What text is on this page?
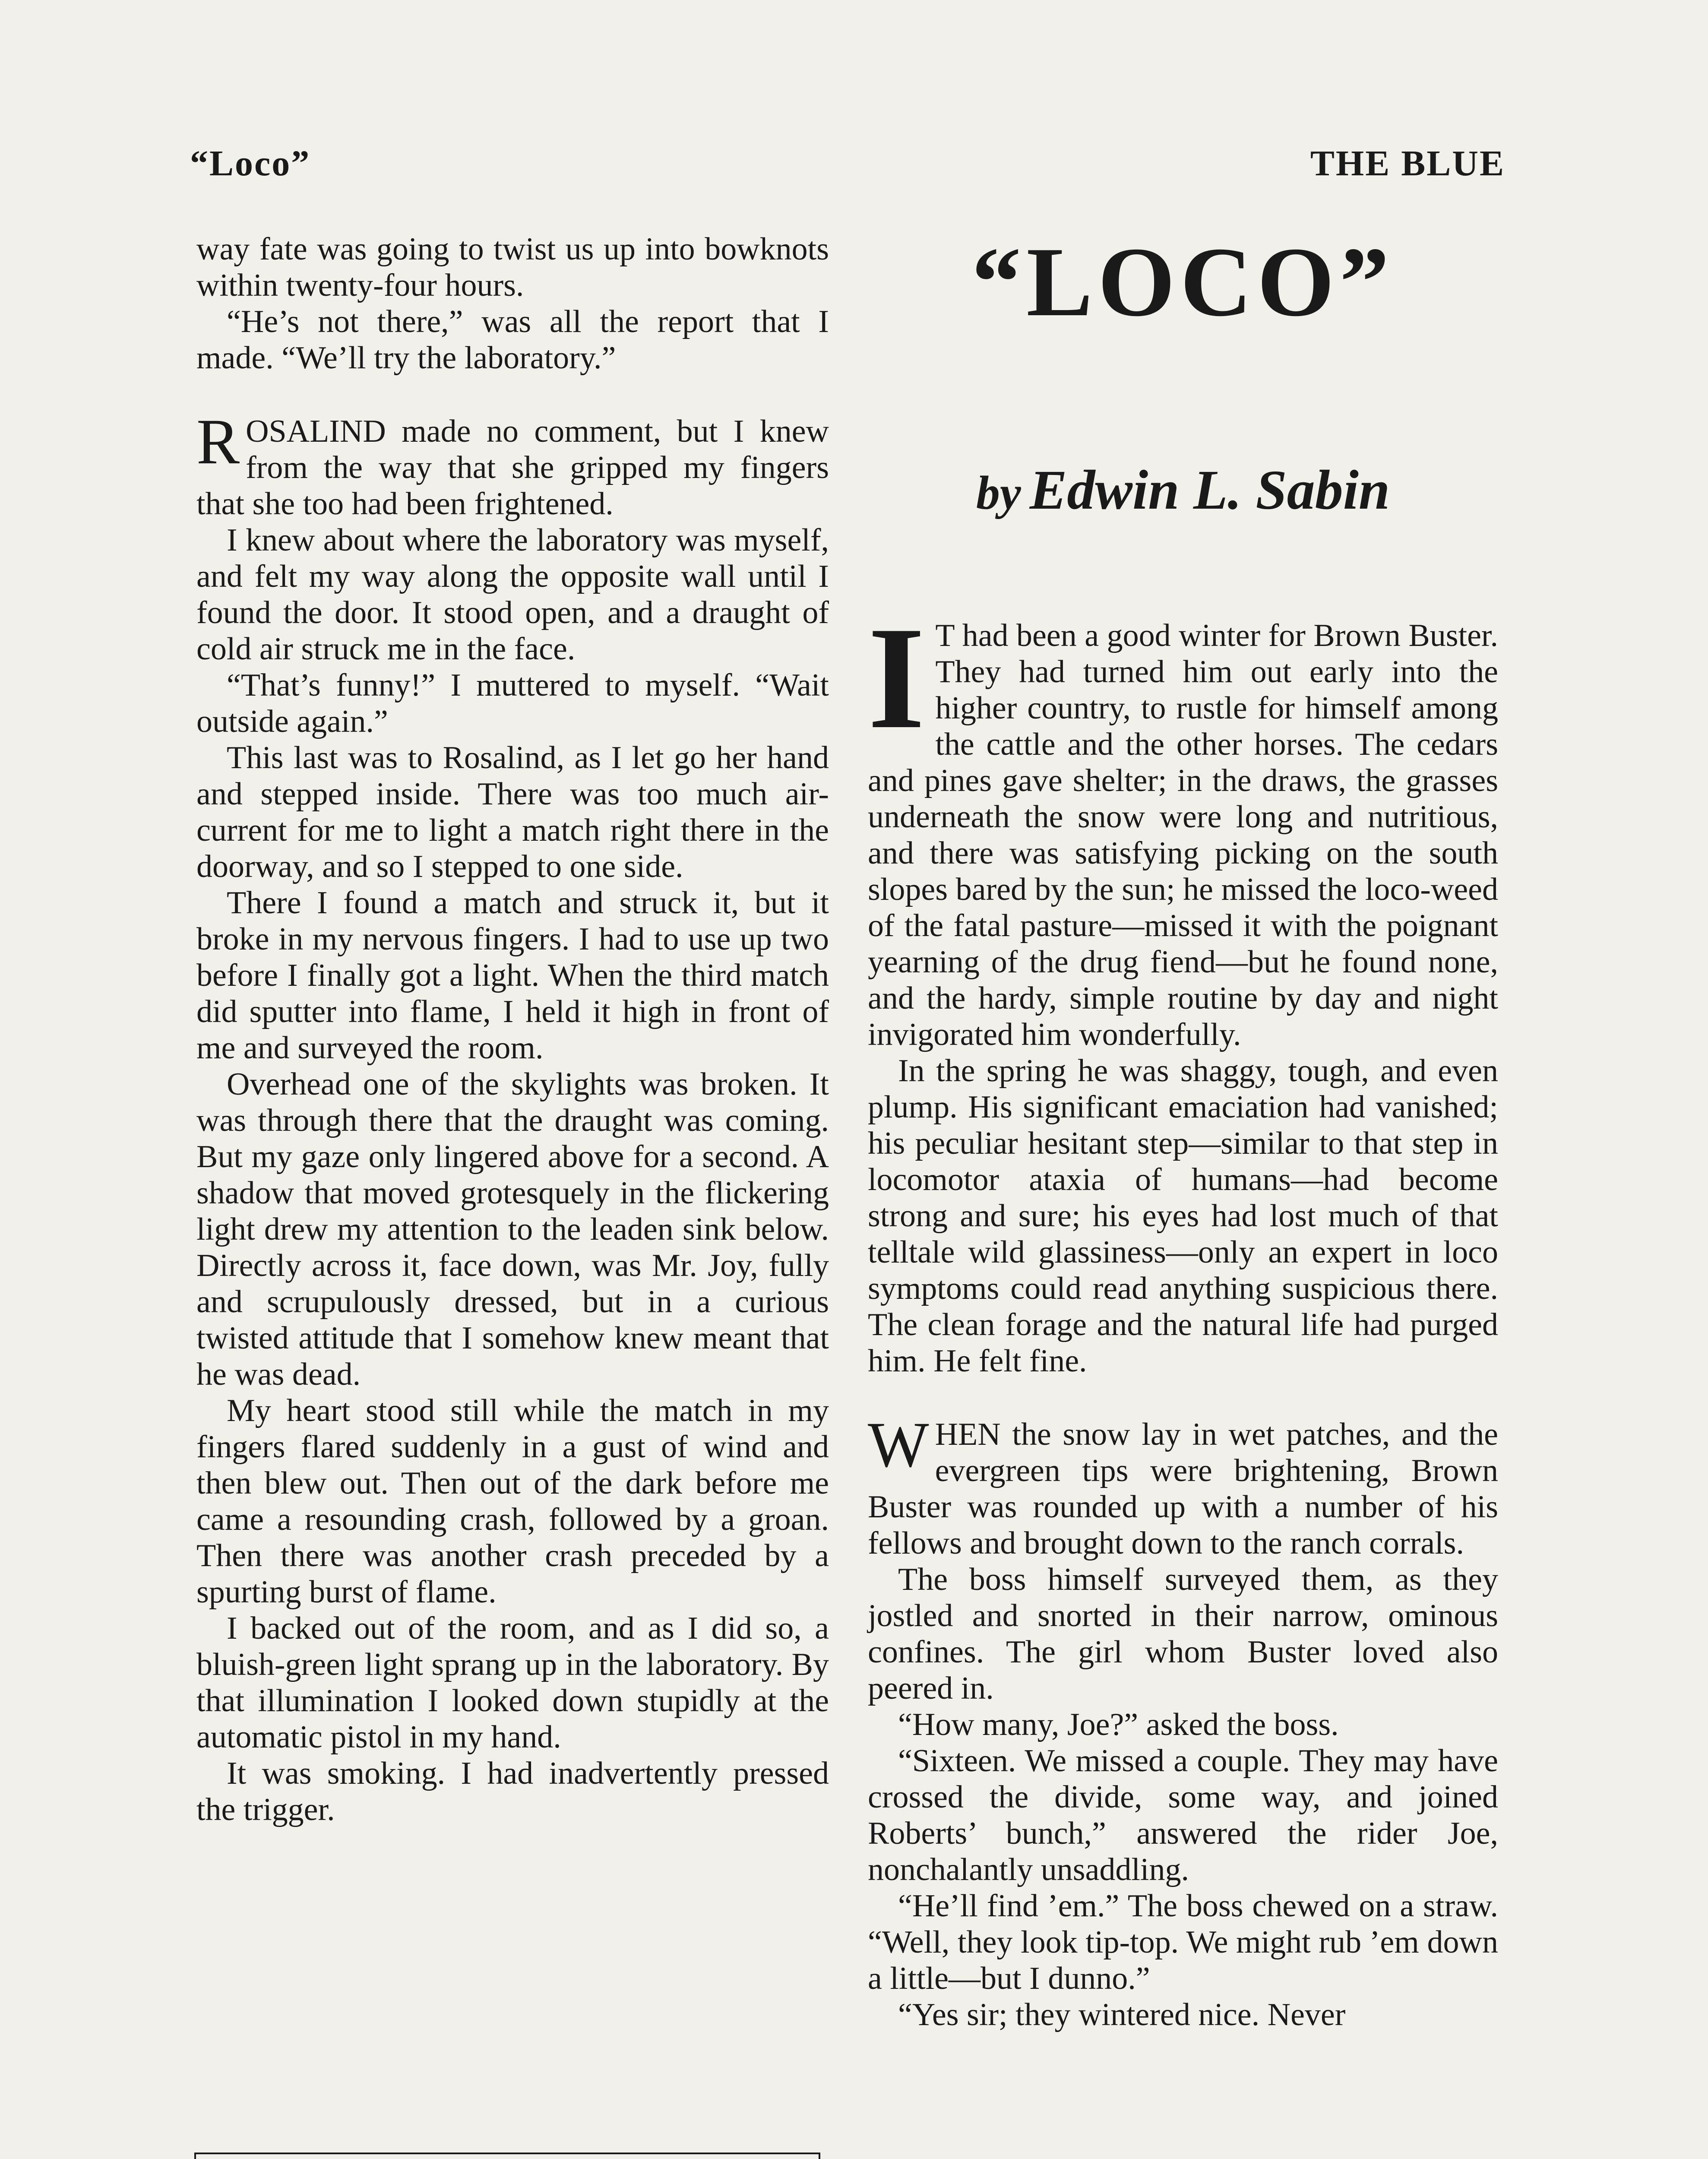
“Loco”	THE BLUE

way fate was going to twist us up into bowknots within twenty-four hours.

“He’s not there,” was all the report that I made. “We’ll try the laboratory.”

ROSALIND made no comment, but I knew from the way that she gripped my fingers that she too had been frightened.

I knew about where the laboratory was myself, and felt my way along the opposite wall until I found the door. It stood open, and a draught of cold air struck me in the face.

“That’s funny!” I muttered to myself. “Wait outside again.”

This last was to Rosalind, as I let go her hand and stepped inside. There was too much air-current for me to light a match right there in the doorway, and so I stepped to one side.

There I found a match and struck it, but it broke in my nervous fingers. I had to use up two before I finally got a light. When the third match did sputter into flame, I held it high in front of me and surveyed the room.

Overhead one of the skylights was broken. It was through there that the draught was coming. But my gaze only lingered above for a second. A shadow that moved grotesquely in the flickering light drew my attention to the leaden sink below. Directly across it, face down, was Mr. Joy, fully and scrupulously dressed, but in a curious twisted attitude that I somehow knew meant that he was dead.

My heart stood still while the match in my fingers flared suddenly in a gust of wind and then blew out. Then out of the dark before me came a resounding crash, followed by a groan. Then there was another crash preceded by a spurting burst of flame.

I backed out of the room, and as I did so, a bluish-green light sprang up in the laboratory. By that illumination I looked down stupidly at the automatic pistol in my hand.

It was smoking. I had inadvertently pressed the trigger.

“LOCO”
by Edwin L. Sabin

I T had been a good winter for Brown Buster. They had turned him out early into the higher country, to rustle for himself among the cattle and the other horses. The cedars and pines gave shelter; in the draws, the grasses underneath the snow were long and nutritious, and there was satisfying picking on the south slopes bared by the sun; he missed the loco-weed of the fatal pasture—missed it with the poignant yearning of the drug fiend—but he found none, and the hardy, simple routine by day and night invigorated him wonderfully.

In the spring he was shaggy, tough, and even plump. His significant emaciation had vanished; his peculiar hesitant step—similar to that step in locomotor ataxia of humans—had become strong and sure; his eyes had lost much of that telltale wild glassiness—only an expert in loco symptoms could read anything suspicious there. The clean forage and the natural life had purged him. He felt fine.

WHEN the snow lay in wet patches, and the evergreen tips were brightening, Brown Buster was rounded up with a number of his fellows and brought down to the ranch corrals.

The boss himself surveyed them, as they jostled and snorted in their narrow, ominous confines. The girl whom Buster loved also peered in.

“How many, Joe?” asked the boss.

“Sixteen. We missed a couple. They may have crossed the divide, some way, and joined Roberts’ bunch,” answered the rider Joe, nonchalantly unsaddling.

“He’ll find ’em.” The boss chewed on a straw. “Well, they look tip-top. We might rub ’em down a little—but I dunno.”

“Yes sir; they wintered nice. Never
